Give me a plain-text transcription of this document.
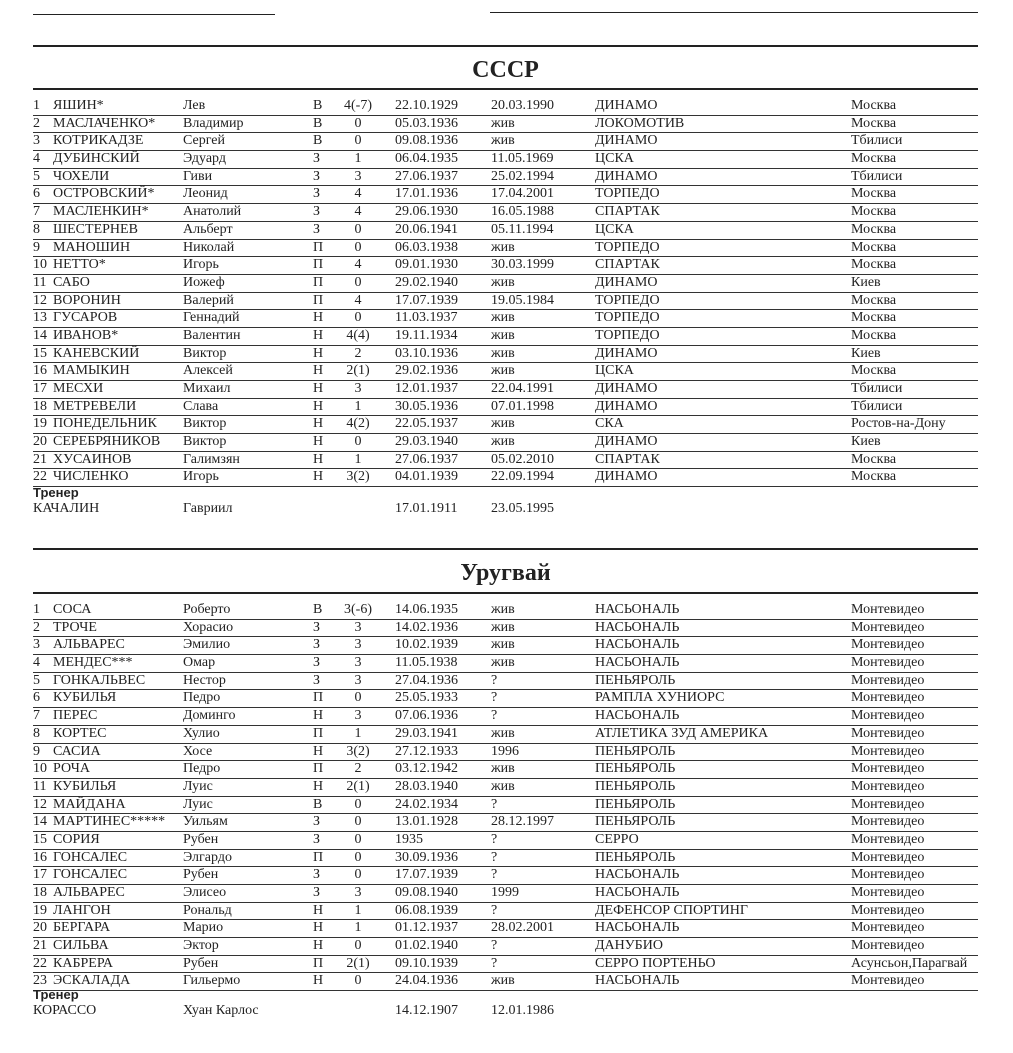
СССР
1 ЯШИН*	Лев	В	4(-7)	22.10.1929 20.03.1990	ДИНАМО	Москва
2 МАСЛАЧЕНКО* Владимир	В	0	05.03.1936 жив	ЛОКОМОТИВ	Москва
3 КОТРИКАДЗЕ	Сергей	В	0	09.08.1936 жив	ДИНАМО	Тбилиси
4 ДУБИНСКИЙ	Эдуард	З	1	06.04.1935 11.05.1969	ЦСКА	Москва
5 ЧОХЕЛИ	Гиви	З	3	27.06.1937 25.02.1994	ДИНАМО	Тбилиси
6 ОСТРОВСКИЙ* Леонид	З	4	17.01.1936 17.04.2001	ТОРПЕДО	Москва
7 МАСЛЕНКИН* Анатолий	З	4	29.06.1930 16.05.1988	СПАРТАК	Москва
8 ШЕСТЕРНЕВ	Альберт	З	0	20.06.1941 05.11.1994	ЦСКА	Москва
9 МАНОШИН	Николай	П	0	06.03.1938 жив	ТОРПЕДО	Москва
10 НЕТТО*	Игорь	П	4	09.01.1930 30.03.1999	СПАРТАК	Москва
11 САБО	Иожеф	П	0	29.02.1940 жив	ДИНАМО	Киев
12 ВОРОНИН	Валерий	П	4	17.07.1939 19.05.1984	ТОРПЕДО	Москва
13 ГУСАРОВ	Геннадий	Н	0	11.03.1937 жив	ТОРПЕДО	Москва
14 ИВАНОВ*	Валентин	Н	4(4)	19.11.1934 жив	ТОРПЕДО	Москва
15 КАНЕВСКИЙ	Виктор	Н	2	03.10.1936 жив	ДИНАМО	Киев
16 МАМЫКИН	Алексей	Н	2(1)	29.02.1936 жив	ЦСКА	Москва
17 МЕСХИ	Михаил	Н	3	12.01.1937 22.04.1991	ДИНАМО	Тбилиси
18 МЕТРЕВЕЛИ	Слава	Н	1	30.05.1936 07.01.1998	ДИНАМО	Тбилиси
19 ПОНЕДЕЛЬНИК Виктор	Н	4(2)	22.05.1937 жив	СКА	Ростов-на-Дону
20 СЕРЕБРЯНИКОВ Виктор	Н	0	29.03.1940 жив	ДИНАМО	Киев
21 ХУСАИНОВ	Галимзян	Н	1	27.06.1937 05.02.2010	СПАРТАК	Москва
22 ЧИСЛЕНКО	Игорь	Н	3(2)	04.01.1939 22.09.1994	ДИНАМО	Москва
Тренер
КАЧАЛИН	Гавриил	17.01.1911 23.05.1995
Уругвай
1 СОСА	Роберто	В	3(-6)	14.06.1935 жив	НАСЬОНАЛЬ	Монтевидео
2 ТРОЧЕ	Хорасио	З	3	14.02.1936 жив	НАСЬОНАЛЬ	Монтевидео
3 АЛЬВАРЕС	Эмилио	З	3	10.02.1939 жив	НАСЬОНАЛЬ	Монтевидео
4 МЕНДЕС***	Омар	З	3	11.05.1938 жив	НАСЬОНАЛЬ	Монтевидео
5 ГОНКАЛЬВЕС	Нестор	З	3	27.04.1936 ?	ПЕНЬЯРОЛЬ	Монтевидео
6 КУБИЛЬЯ	Педро	П	0	25.05.1933 ?	РАМПЛА ХУНИОРС	Монтевидео
7 ПЕРЕС	Доминго	Н	3	07.06.1936 ?	НАСЬОНАЛЬ	Монтевидео
8 КОРТЕС	Хулио	П	1	29.03.1941 жив	АТЛЕТИКА ЗУД АМЕРИКА	Монтевидео
9 САСИА	Хосе	Н	3(2)	27.12.1933 1996	ПЕНЬЯРОЛЬ	Монтевидео
10 РОЧА	Педро	П	2	03.12.1942 жив	ПЕНЬЯРОЛЬ	Монтевидео
11 КУБИЛЬЯ	Луис	Н	2(1)	28.03.1940 жив	ПЕНЬЯРОЛЬ	Монтевидео
12 МАЙДАНА	Луис	В	0	24.02.1934 ?	ПЕНЬЯРОЛЬ	Монтевидео
14 МАРТИНЕС***** Уильям	З	0	13.01.1928 28.12.1997	ПЕНЬЯРОЛЬ	Монтевидео
15 СОРИЯ	Рубен	З	0	1935	?	СЕРРО	Монтевидео
16 ГОНСАЛЕС	Элгардо	П	0	30.09.1936 ?	ПЕНЬЯРОЛЬ	Монтевидео
17 ГОНСАЛЕС	Рубен	З	0	17.07.1939 ?	НАСЬОНАЛЬ	Монтевидео
18 АЛЬВАРЕС	Элисео	З	3	09.08.1940 1999	НАСЬОНАЛЬ	Монтевидео
19 ЛАНГОН	Рональд	Н	1	06.08.1939 ?	ДЕФЕНСОР СПОРТИНГ	Монтевидео
20 БЕРГАРА	Марио	Н	1	01.12.1937 28.02.2001	НАСЬОНАЛЬ	Монтевидео
21 СИЛЬВА	Эктор	Н	0	01.02.1940 ?	ДАНУБИО	Монтевидео
22 КАБРЕРА	Рубен	П	2(1)	09.10.1939 ?	СЕРРО ПОРТЕНЬО	Асунсьон,Парагвай
23 ЭСКАЛАДА	Гильермо	Н	0	24.04.1936 жив	НАСЬОНАЛЬ	Монтевидео
Тренер
КОРАССО	Хуан Карлос	14.12.1907 12.01.1986
